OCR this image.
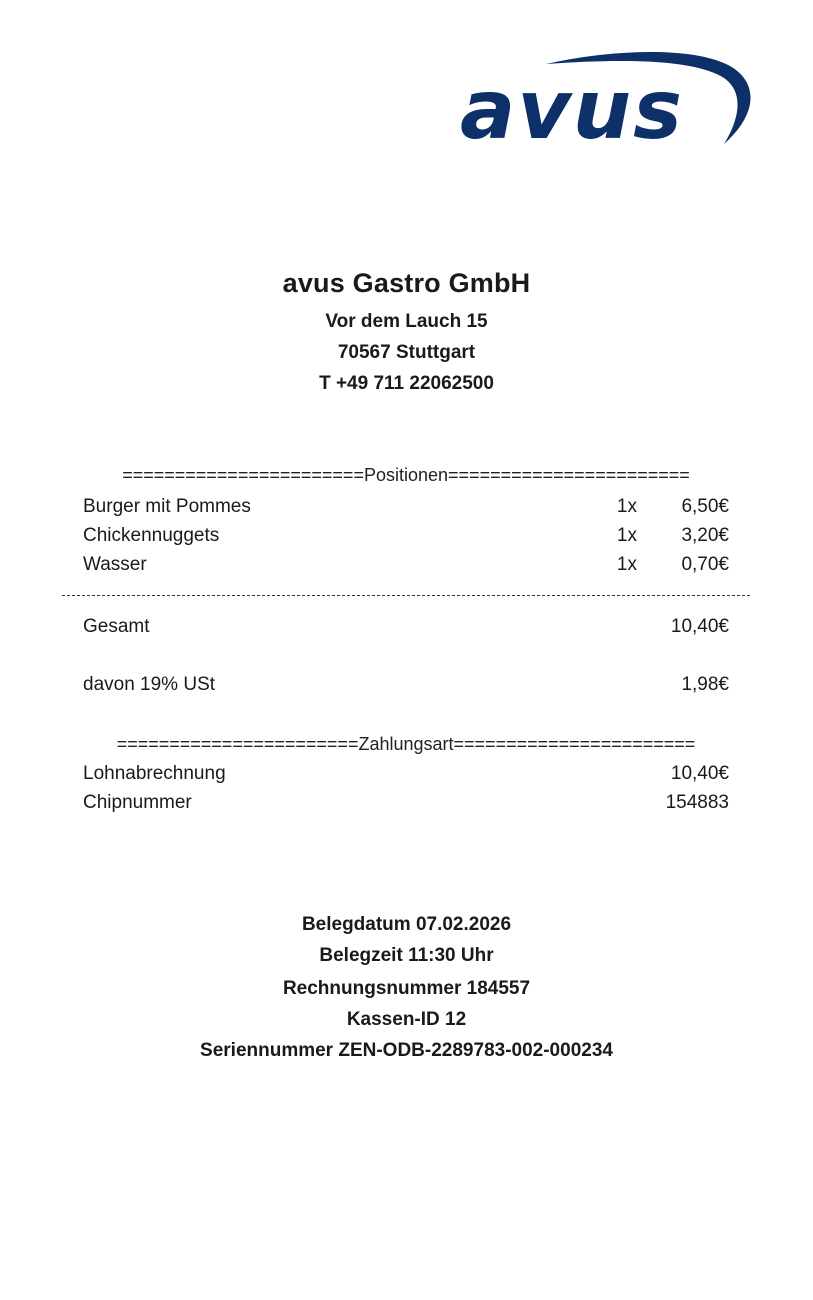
avus
avus Gastro GmbH
Vor dem Lauch 15
70567 Stuttgart
T +49 711 22062500
=======================Positionen=======================
Burger mit Pommes	1x 6,50€
Chickennuggets	1x 3,20€
Wasser	1x 0,70€
Gesamt	10,40€
davon 19% USt	1,98€
=======================Zahlungsart=======================
Lohnabrechnung	10,40€
Chipnummer	154883
Belegdatum 07.02.2026
Belegzeit 11:30 Uhr
Rechnungsnummer 184557
Kassen-ID 12
Seriennummer ZEN-ODB-2289783-002-000234
